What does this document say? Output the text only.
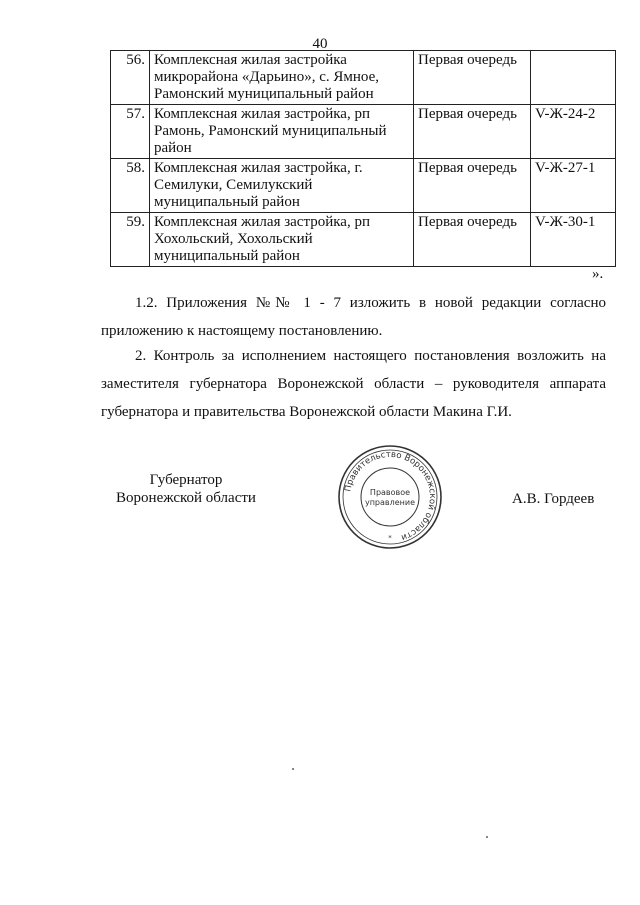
40
56.	Комплексная жилая застройка микрорайона «Дарьино», с. Ямное, Рамонский муниципальный район	Первая очередь	
57.	Комплексная жилая застройка, рп Рамонь, Рамонский муниципальный район	Первая очередь	V-Ж-24-2
58.	Комплексная жилая застройка, г. Семилуки, Семилукский муниципальный район	Первая очередь	V-Ж-27-1
59.	Комплексная жилая застройка, рп Хохольский, Хохольский муниципальный район	Первая очередь	V-Ж-30-1
».
1.2. Приложения №№ 1 - 7 изложить в новой редакции согласно приложению к настоящему постановлению.
2. Контроль за исполнением настоящего постановления возложить на заместителя губернатора Воронежской области – руководителя аппарата губернатора и правительства Воронежской области Макина Г.И.
Губернатор
Воронежской области
Правительство Воронежской области
Правовое
управление
*
А.В. Гордеев
